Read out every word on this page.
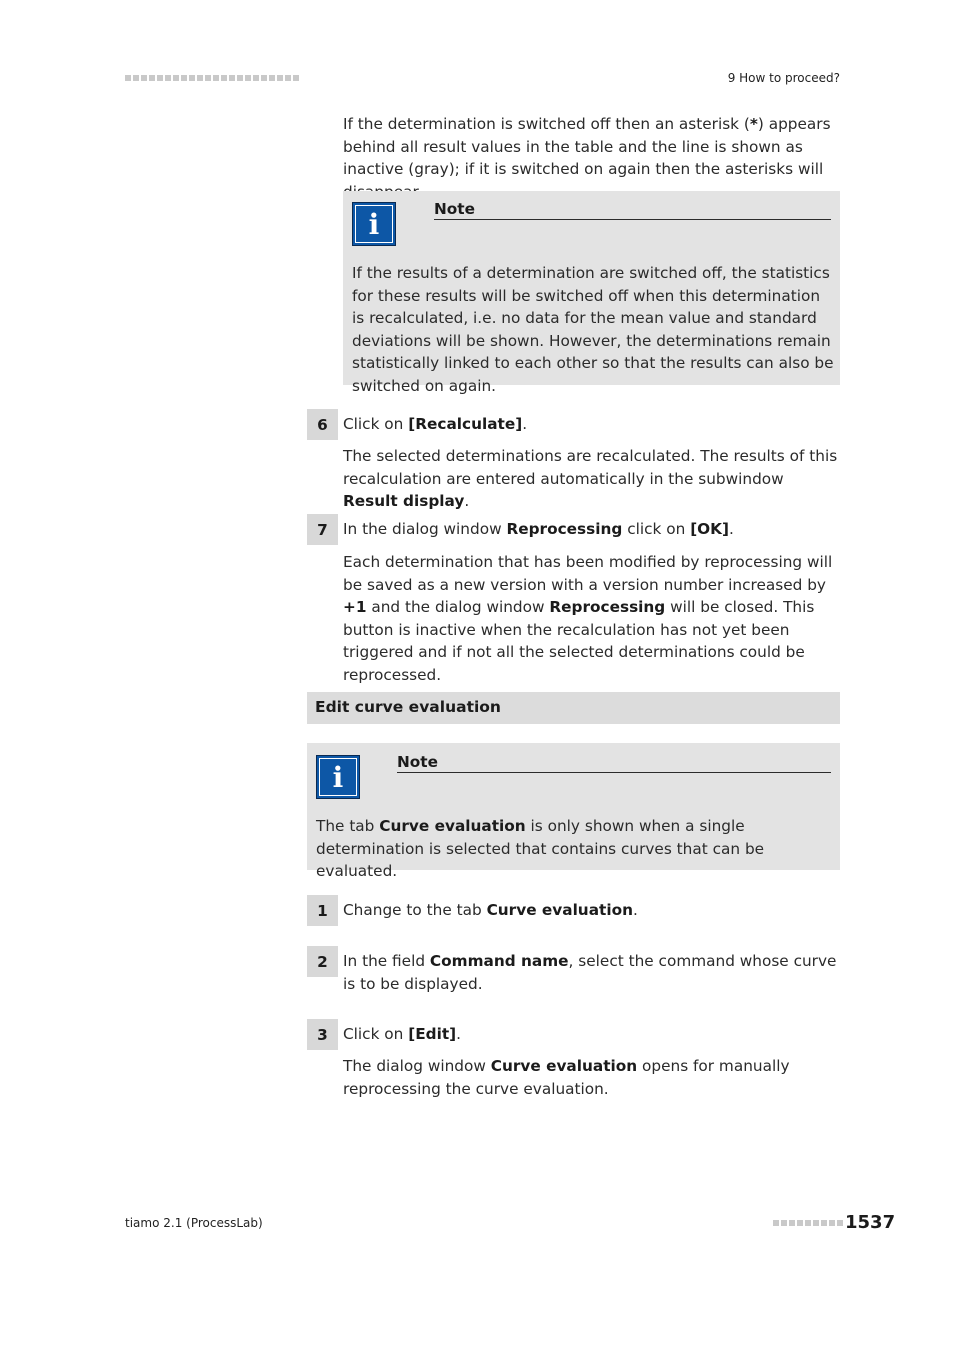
9 How to proceed?
If the determination is switched off then an asterisk (*) appears behind all result values in the table and the line is shown as inactive (gray); if it is switched on again then the asterisks will
i	Note
If the results of a determination are switched off, the statistics for these results will be switched off when this determination is recalculated, i.e. no data for the mean value and standard deviations will be shown. However, the determinations remain statistically linked to each other so that the results can also be switched on again.
6 Click on [Recalculate].
The selected determinations are recalculated. The results of this recalculation are entered automatically in the subwindow Result display.
7 In the dialog window Reprocessing click on [OK].
Each determination that has been modified by reprocessing will be saved as a new version with a version number increased by +1 and the dialog window Reprocessing will be closed. This button is inactive when the recalculation has not yet been triggered and if not all the selected determinations could be reprocessed.
Edit curve evaluation
i	Note
The tab Curve evaluation is only shown when a single determination is selected that contains curves that can be evaluated.
1 Change to the tab Curve evaluation.
2 In the field Command name, select the command whose curve is to be displayed.
3 Click on [Edit].
The dialog window Curve evaluation opens for manually reprocessing the curve evaluation.
tiamo 2.1 (ProcessLab)	1537
